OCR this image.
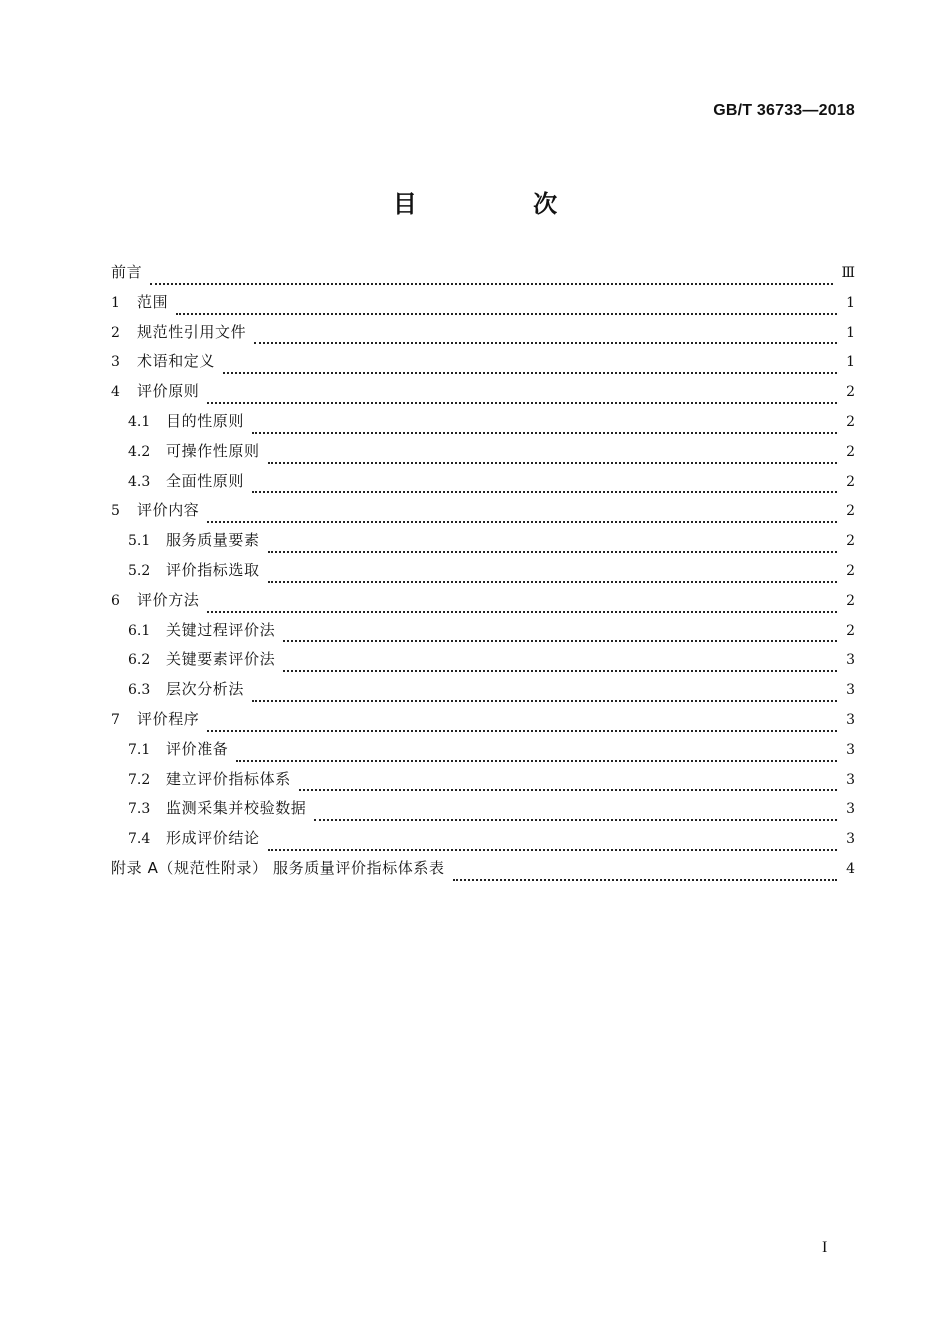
GB/T 36733—2018
目 次
前言	Ⅲ
1	范围	1
2	规范性引用文件	1
3	术语和定义	1
4	评价原则	2
4.1	目的性原则	2
4.2	可操作性原则	2
4.3	全面性原则	2
5	评价内容	2
5.1	服务质量要素	2
5.2	评价指标选取	2
6	评价方法	2
6.1	关键过程评价法	2
6.2	关键要素评价法	3
6.3	层次分析法	3
7	评价程序	3
7.1	评价准备	3
7.2	建立评价指标体系	3
7.3	监测采集并校验数据	3
7.4	形成评价结论	3
附录 A（规范性附录） 服务质量评价指标体系表	4
I
